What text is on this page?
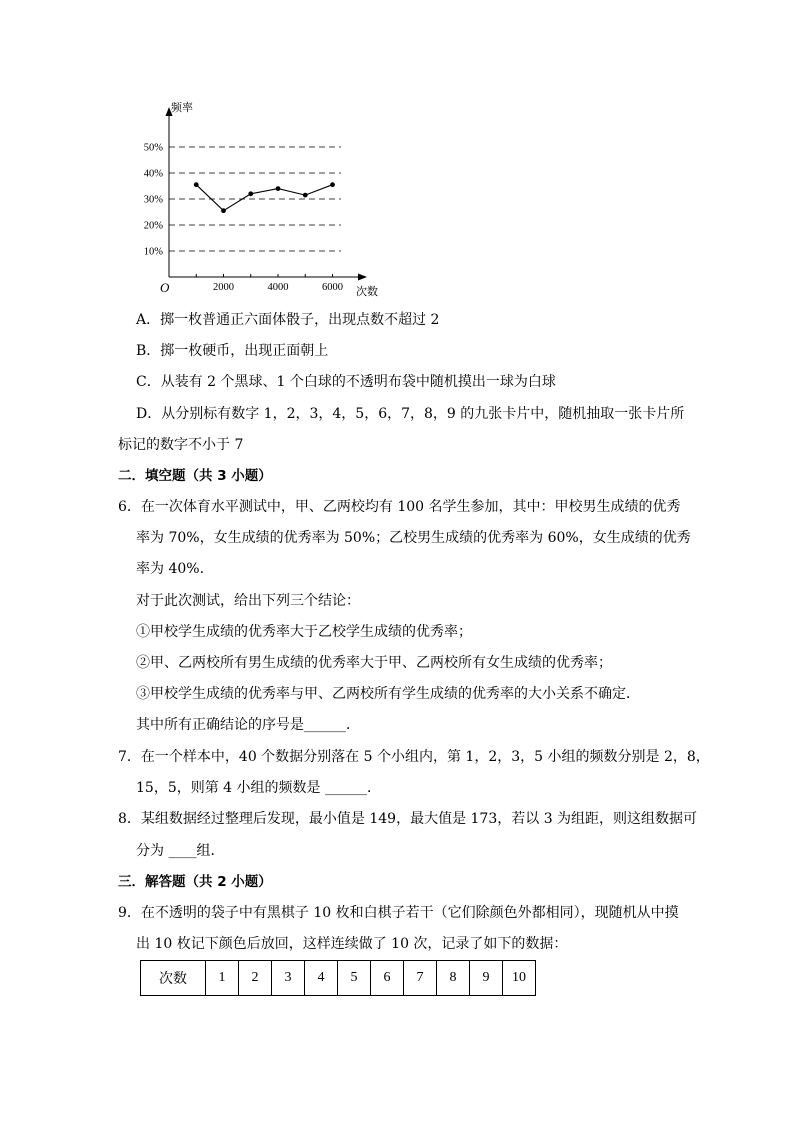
10%
20%
30%
40%
50%
2000	4000	6000
频率
次数
O
A．掷一枚普通正六面体骰子，出现点数不超过 2
B．掷一枚硬币，出现正面朝上
C．从装有 2 个黑球、1 个白球的不透明布袋中随机摸出一球为白球
D．从分别标有数字 1，2，3，4，5，6，7，8，9 的九张卡片中，随机抽取一张卡片所
标记的数字不小于 7
二．填空题（共 3 小题）
6．在一次体育水平测试中，甲、乙两校均有 100 名学生参加，其中：甲校男生成绩的优秀
率为 70%，女生成绩的优秀率为 50%；乙校男生成绩的优秀率为 60%，女生成绩的优秀
率为 40%.
对于此次测试，给出下列三个结论：
①甲校学生成绩的优秀率大于乙校学生成绩的优秀率；
②甲、乙两校所有男生成绩的优秀率大于甲、乙两校所有女生成绩的优秀率；
③甲校学生成绩的优秀率与甲、乙两校所有学生成绩的优秀率的大小关系不确定．
其中所有正确结论的序号是______．
7．在一个样本中，40 个数据分别落在 5 个小组内，第 1，2，3，5 小组的频数分别是 2，8，
15，5，则第 4 小组的频数是 ______．
8．某组数据经过整理后发现，最小值是 149，最大值是 173，若以 3 为组距，则这组数据可
分为 ____组．
三．解答题（共 2 小题）
9．在不透明的袋子中有黑棋子 10 枚和白棋子若干（它们除颜色外都相同），现随机从中摸
出 10 枚记下颜色后放回，这样连续做了 10 次，记录了如下的数据：
次数	1	2	3	4	5	6	7	8	9	10
